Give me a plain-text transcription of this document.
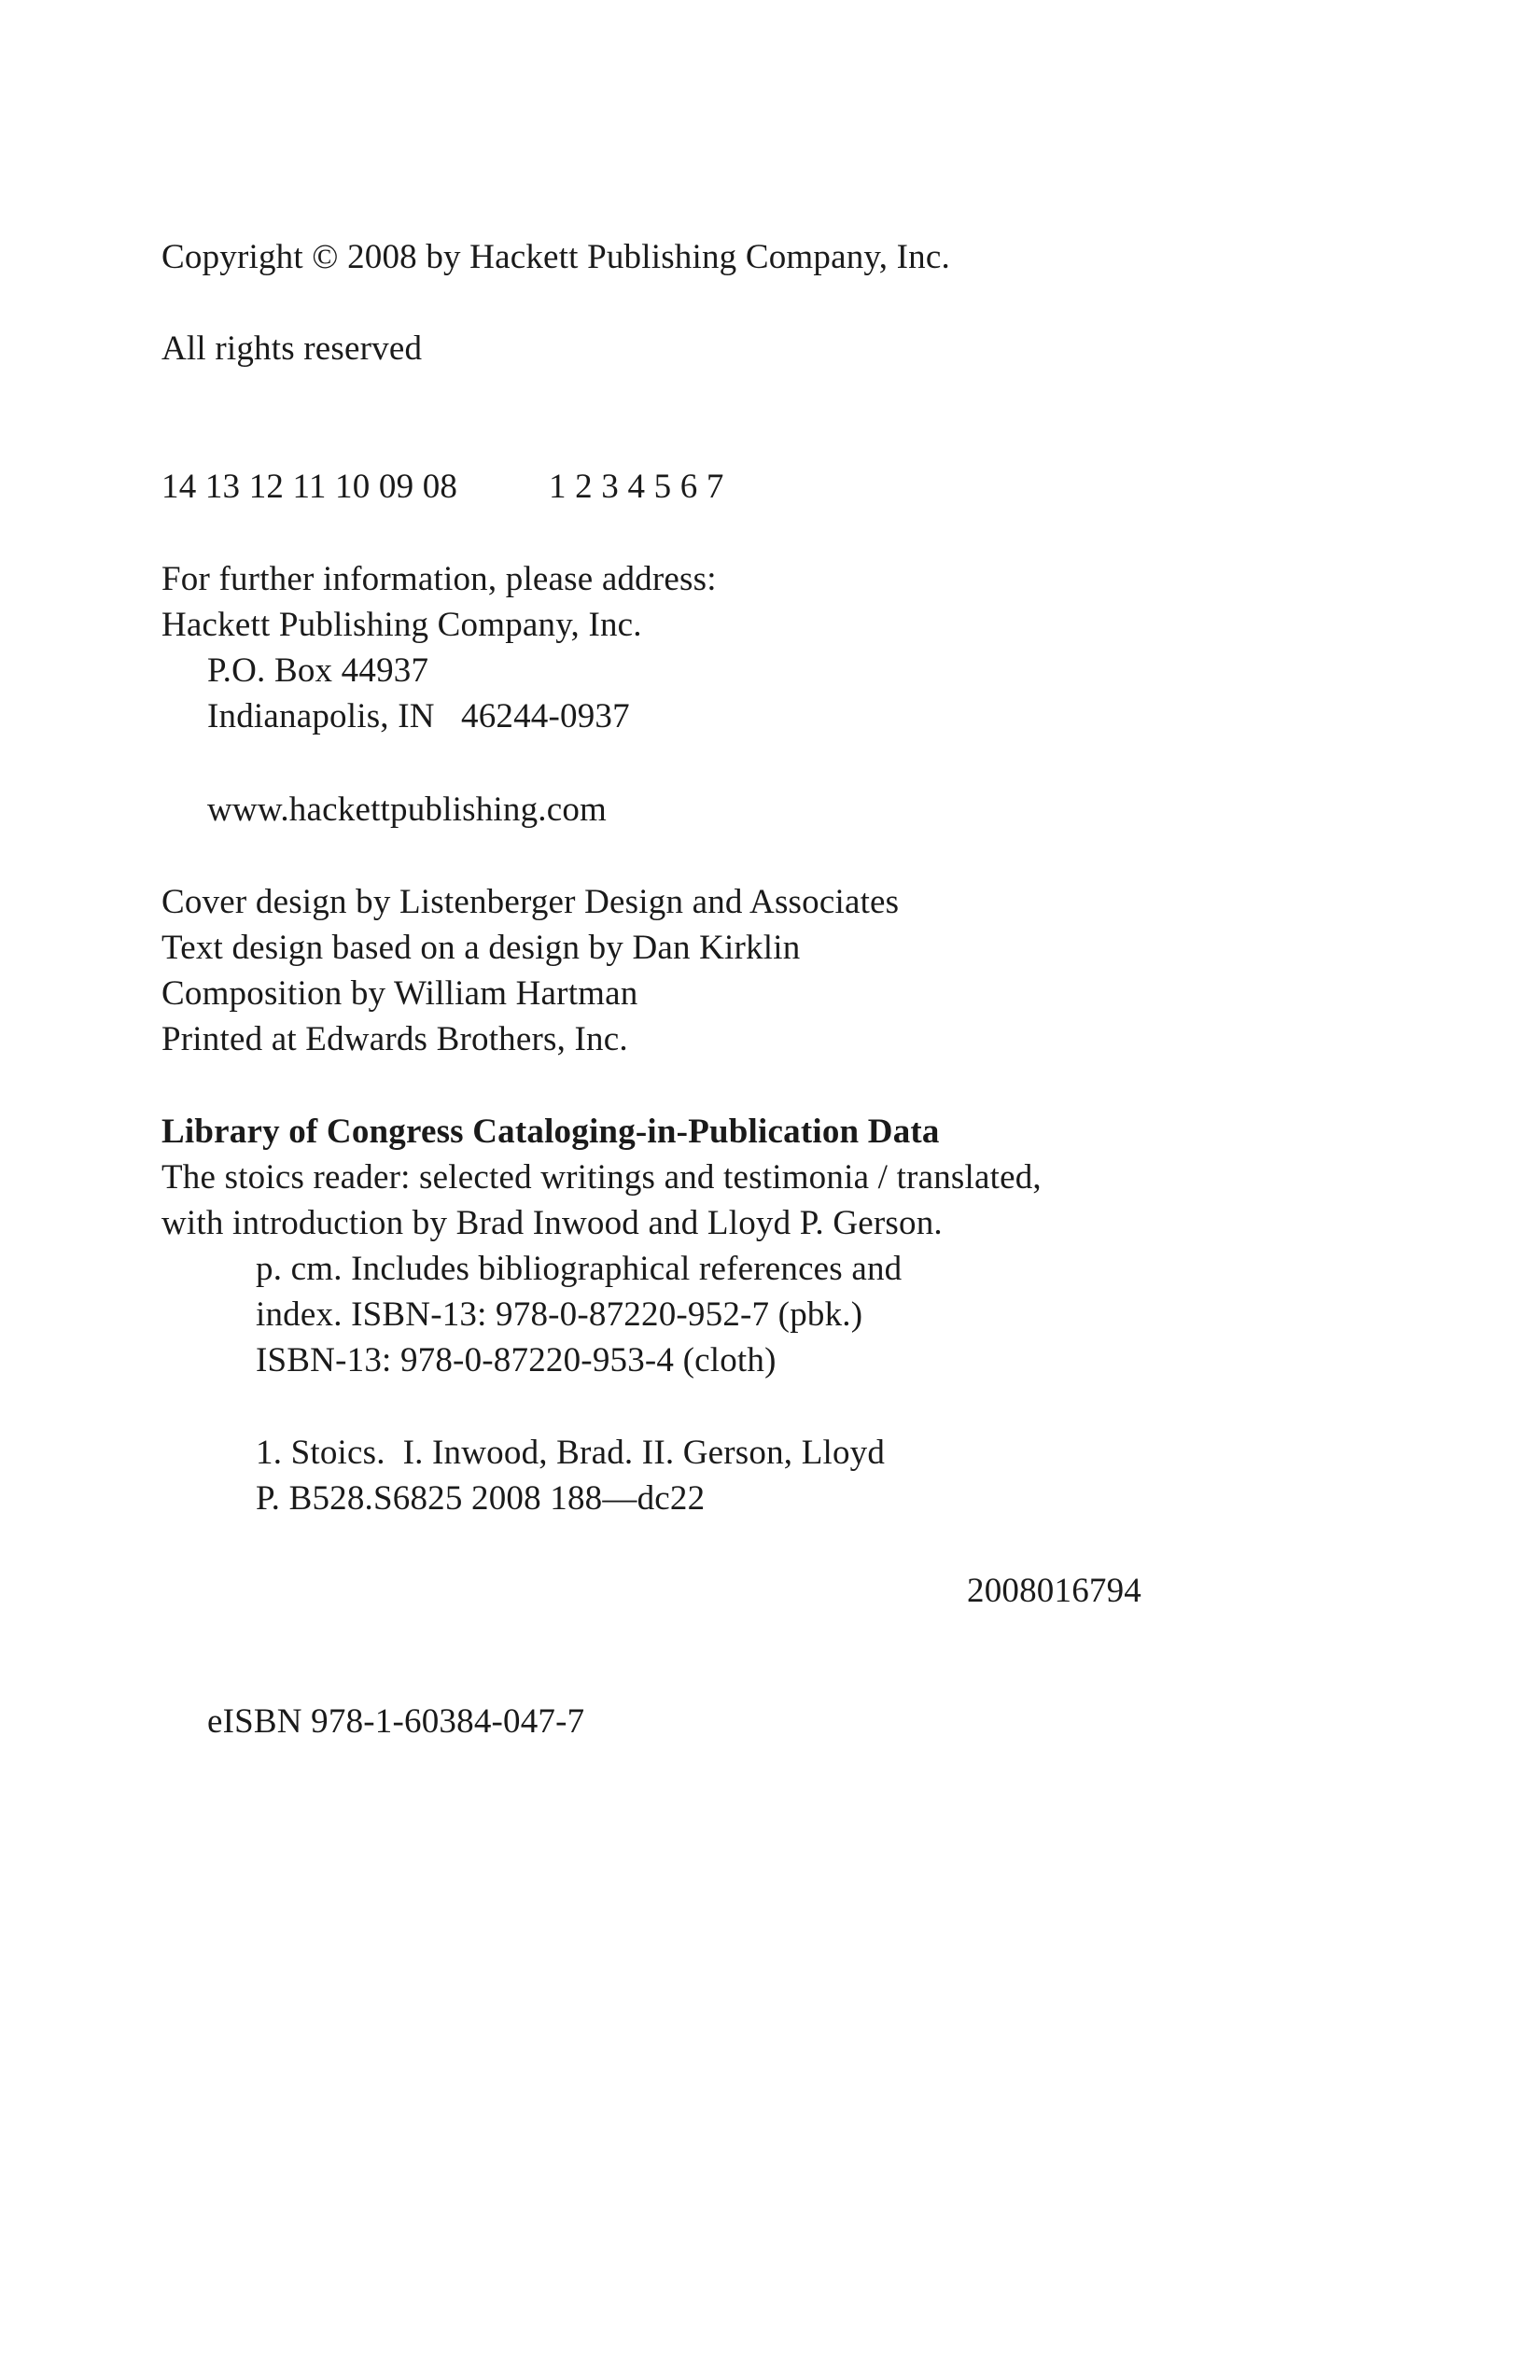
Copyright © 2008 by Hackett Publishing Company, Inc.
All rights reserved
14 13 12 11 10 09 08	1 2 3 4 5 6 7
For further information, please address:
Hackett Publishing Company, Inc.
P.O. Box 44937
Indianapolis, IN   46244-0937
www.hackettpublishing.com
Cover design by Listenberger Design and Associates
Text design based on a design by Dan Kirklin
Composition by William Hartman
Printed at Edwards Brothers, Inc.
Library of Congress Cataloging-in-Publication Data
The stoics reader: selected writings and testimonia / translated,
with introduction by Brad Inwood and Lloyd P. Gerson.
p. cm. Includes bibliographical references and
index. ISBN-13: 978-0-87220-952-7 (pbk.)
ISBN-13: 978-0-87220-953-4 (cloth)
1. Stoics.  I. Inwood, Brad. II. Gerson, Lloyd
P. B528.S6825 2008 188—dc22
2008016794
eISBN 978-1-60384-047-7
